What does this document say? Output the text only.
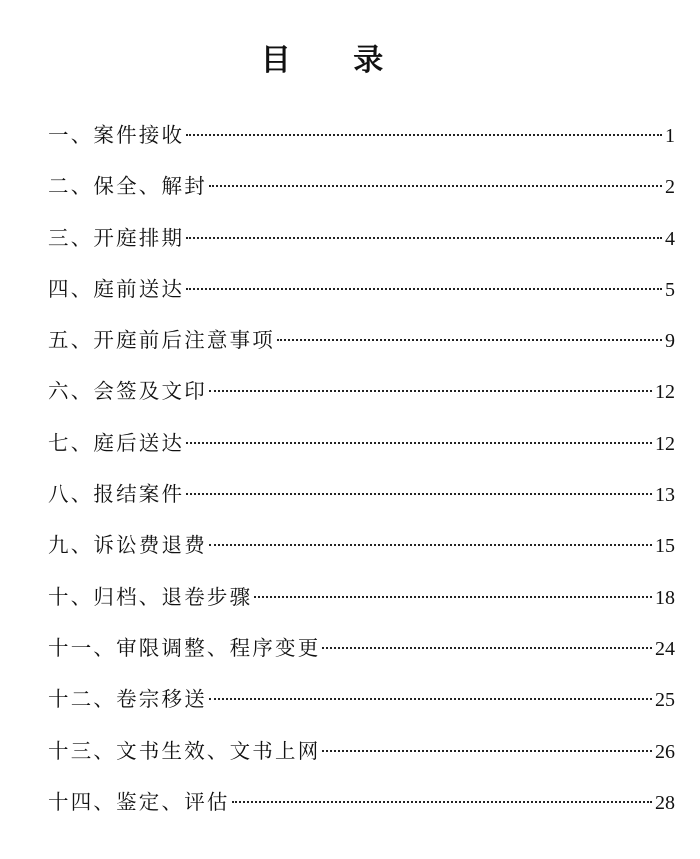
目 录
一、案件接收	1
二、保全、解封	2
三、开庭排期	4
四、庭前送达	5
五、开庭前后注意事项	9
六、会签及文印	12
七、庭后送达	12
八、报结案件	13
九、诉讼费退费	15
十、归档、退卷步骤	18
十一、审限调整、程序变更	24
十二、卷宗移送	25
十三、文书生效、文书上网	26
十四、鉴定、评估	28
